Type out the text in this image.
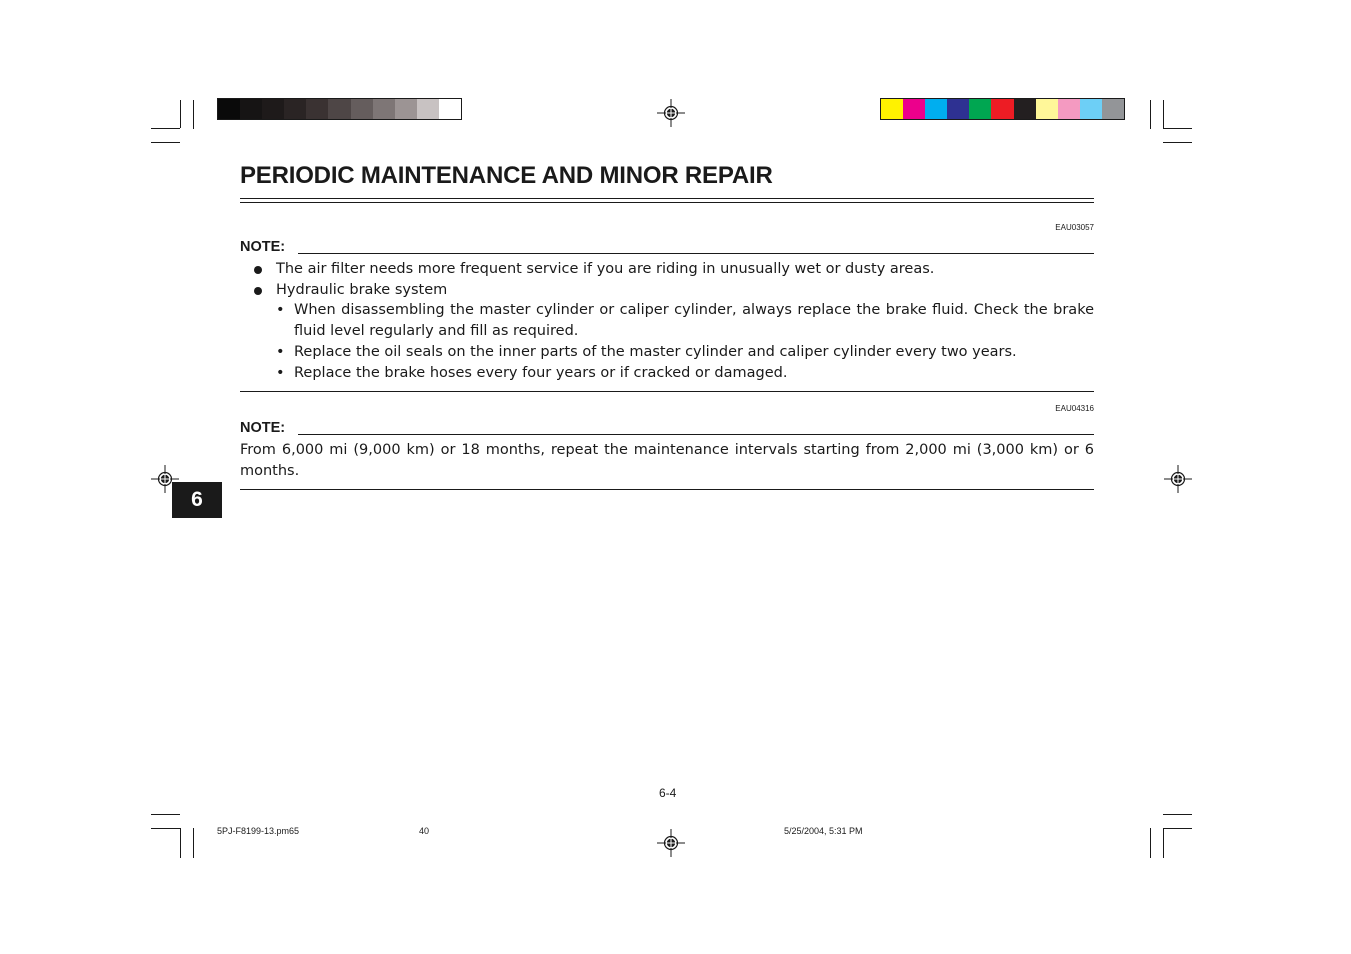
PERIODIC MAINTENANCE AND MINOR REPAIR
EAU03057
NOTE:
The air filter needs more frequent service if you are riding in unusually wet or dusty areas.
Hydraulic brake system
• When disassembling the master cylinder or caliper cylinder, always replace the brake fluid. Check the brake fluid level regularly and fill as required.
• Replace the oil seals on the inner parts of the master cylinder and caliper cylinder every two years.
• Replace the brake hoses every four years or if cracked or damaged.
EAU04316
NOTE:
From 6,000 mi (9,000 km) or 18 months, repeat the maintenance intervals starting from 2,000 mi (3,000 km) or 6 months.
6
6-4
5PJ-F8199-13.pm65	40	5/25/2004, 5:31 PM
